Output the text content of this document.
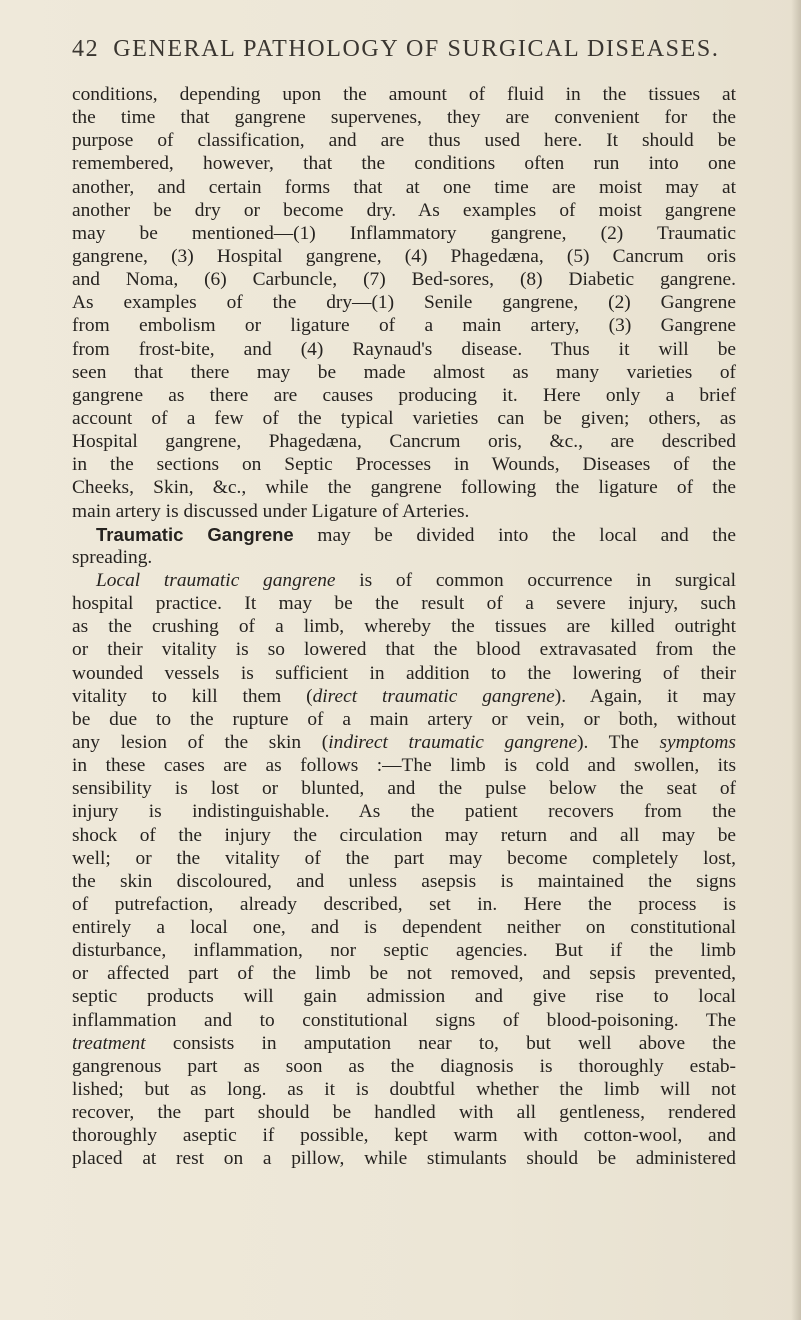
42 GENERAL PATHOLOGY OF SURGICAL DISEASES.
conditions, depending upon the amount of fluid in the tissues at
the time that gangrene supervenes, they are convenient for the
purpose of classification, and are thus used here. It should be
remembered, however, that the conditions often run into one
another, and certain forms that at one time are moist may at
another be dry or become dry. As examples of moist gangrene
may be mentioned—(1) Inflammatory gangrene, (2) Traumatic
gangrene, (3) Hospital gangrene, (4) Phagedæna, (5) Cancrum oris
and Noma, (6) Carbuncle, (7) Bed-sores, (8) Diabetic gangrene.
As examples of the dry—(1) Senile gangrene, (2) Gangrene
from embolism or ligature of a main artery, (3) Gangrene
from frost-bite, and (4) Raynaud's disease. Thus it will be
seen that there may be made almost as many varieties of
gangrene as there are causes producing it. Here only a brief
account of a few of the typical varieties can be given; others, as
Hospital gangrene, Phagedæna, Cancrum oris, &c., are described
in the sections on Septic Processes in Wounds, Diseases of the
Cheeks, Skin, &c., while the gangrene following the ligature of the
main artery is discussed under Ligature of Arteries.
Traumatic Gangrene may be divided into the local and the
spreading.
Local traumatic gangrene is of common occurrence in surgical
hospital practice. It may be the result of a severe injury, such
as the crushing of a limb, whereby the tissues are killed outright
or their vitality is so lowered that the blood extravasated from the
wounded vessels is sufficient in addition to the lowering of their
vitality to kill them (direct traumatic gangrene). Again, it may
be due to the rupture of a main artery or vein, or both, without
any lesion of the skin (indirect traumatic gangrene). The symptoms
in these cases are as follows :—The limb is cold and swollen, its
sensibility is lost or blunted, and the pulse below the seat of
injury is indistinguishable. As the patient recovers from the
shock of the injury the circulation may return and all may be
well; or the vitality of the part may become completely lost,
the skin discoloured, and unless asepsis is maintained the signs
of putrefaction, already described, set in. Here the process is
entirely a local one, and is dependent neither on constitutional
disturbance, inflammation, nor septic agencies. But if the limb
or affected part of the limb be not removed, and sepsis prevented,
septic products will gain admission and give rise to local
inflammation and to constitutional signs of blood-poisoning. The
treatment consists in amputation near to, but well above the
gangrenous part as soon as the diagnosis is thoroughly estab-
lished; but as long. as it is doubtful whether the limb will not
recover, the part should be handled with all gentleness, rendered
thoroughly aseptic if possible, kept warm with cotton-wool, and
placed at rest on a pillow, while stimulants should be administered
